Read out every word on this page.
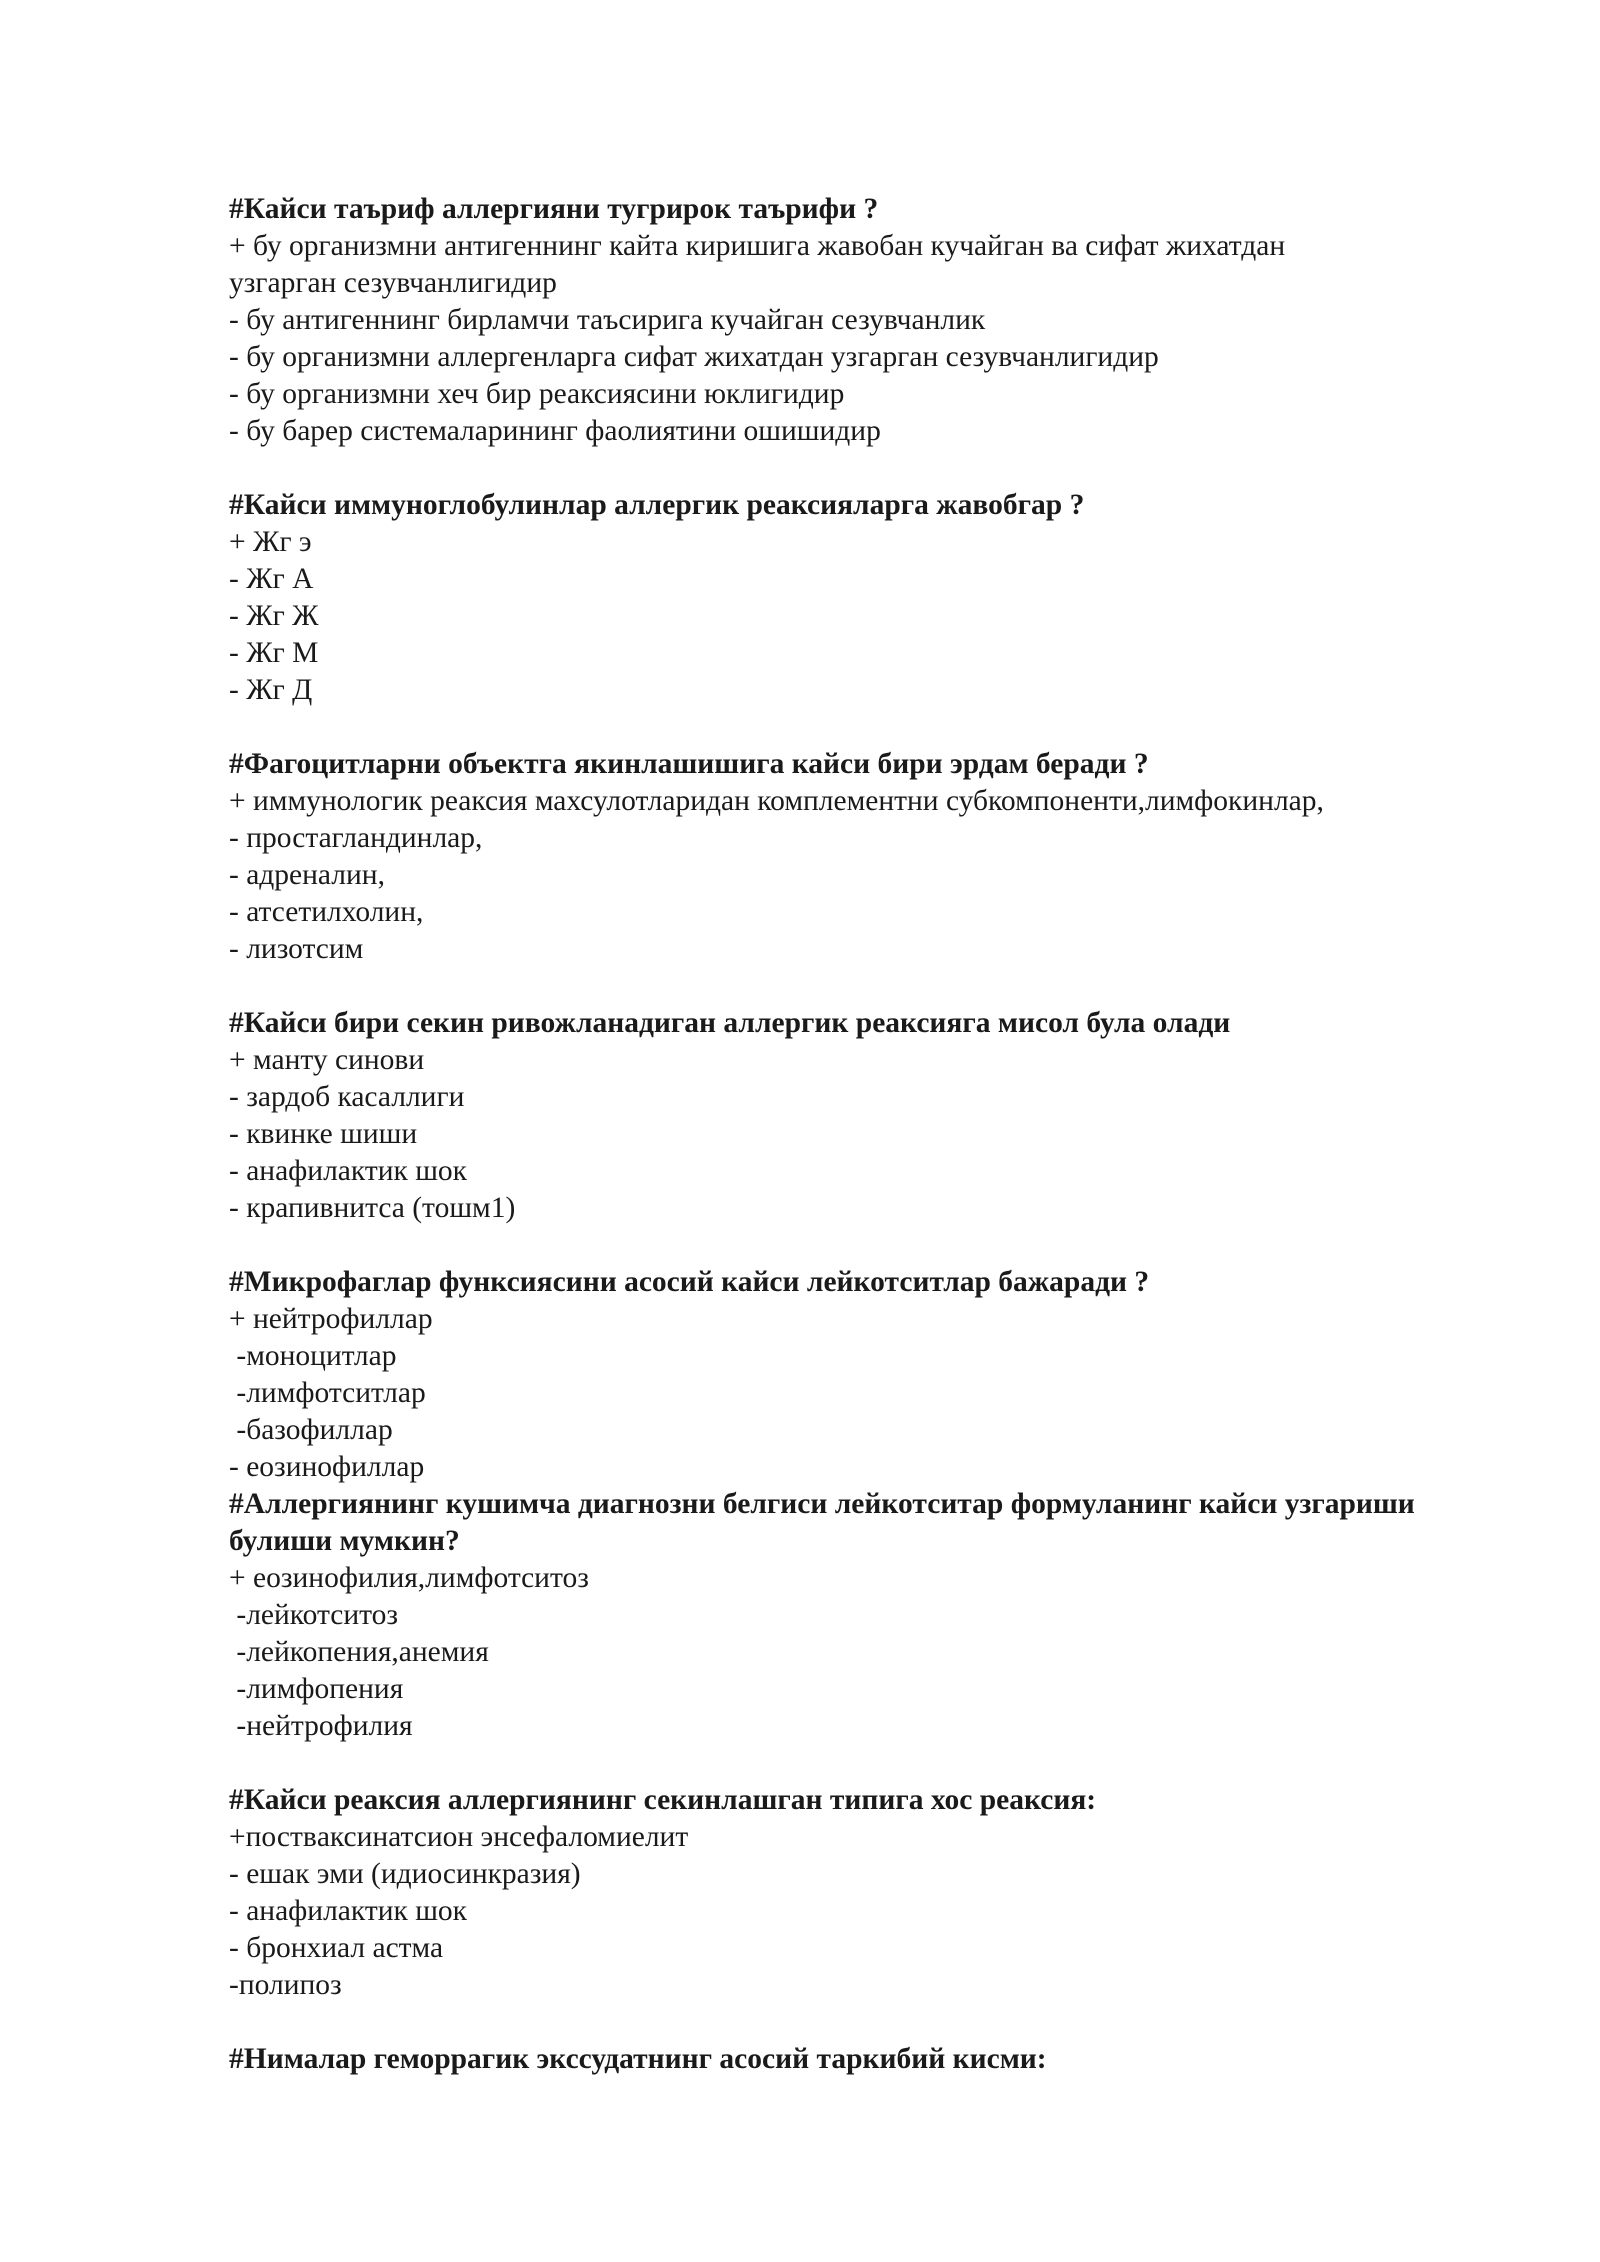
#Кайси таъриф аллергияни тугрирок таърифи ?

+ бу организмни антигеннинг кайта киришига жавобан кучайган ва сифат жихатдан

узгарган сезувчанлигидир

- бу антигеннинг бирламчи таъсирига кучайган сезувчанлик

- бу организмни аллергенларга сифат жихатдан узгарган сезувчанлигидир

- бу организмни хеч бир реаксиясини юклигидир

- бу барер системаларининг фаолиятини ошишидир

#Кайси иммуноглобулинлар аллергик реаксияларга жавобгар ?

+ Жг э

- Жг А

- Жг Ж

- Жг М

- Жг Д

#Фагоцитларни объектга якинлашишига кайси бири эрдам беради ?

+ иммунологик реаксия махсулотларидан комплементни субкомпоненти,лимфокинлар,

- простагландинлар,

- адреналин,

- атсетилхолин,

- лизотсим

#Кайси бири секин ривожланадиган аллергик реаксияга мисол була олади

+ манту синови

- зардоб касаллиги

- квинке шиши

- анафилактик шок

- крапивнитса (тошм1)

#Микрофаглар функсиясини асосий кайси лейкотситлар бажаради ?

+ нейтрофиллар

-моноцитлар

-лимфотситлар

-базофиллар

- еозинофиллар

#Аллергиянинг кушимча диагнозни белгиси лейкотситар формуланинг кайси узгариши булиши мумкин?

+ еозинофилия,лимфотситоз

-лейкотситоз

-лейкопения,анемия

-лимфопения

-нейтрофилия

#Кайси реаксия аллергиянинг секинлашган типига хос реаксия:

+поствaксинатсион энсефаломиелит

- ешак эми (идиосинкразия)

- анафилактик шок

- бронхиал астма

-полипоз

#Нималар геморрагик экссудатнинг асосий таркибий кисми:
